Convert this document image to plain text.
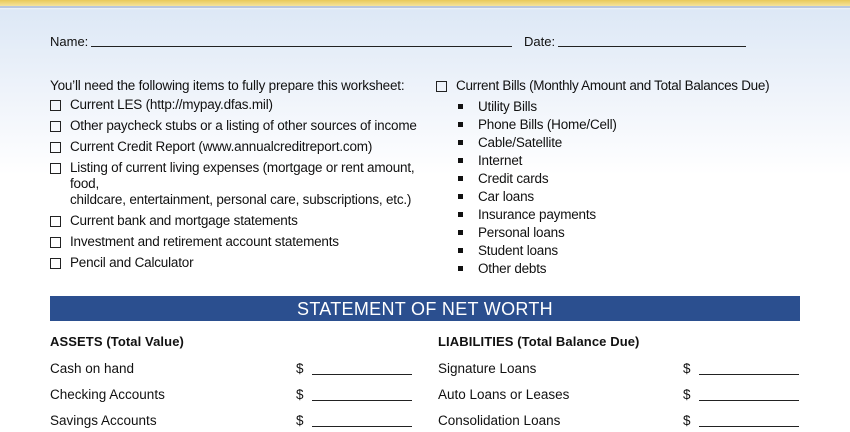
Name:	Date:
You’ll need the following items to fully prepare this worksheet:
Current LES (http://mypay.dfas.mil)
Other paycheck stubs or a listing of other sources of income
Current Credit Report (www.annualcreditreport.com)
Listing of current living expenses (mortgage or rent amount, food,
childcare, entertainment, personal care, subscriptions, etc.)
Current bank and mortgage statements
Investment and retirement account statements
Pencil and Calculator
Current Bills (Monthly Amount and Total Balances Due)
Utility Bills
Phone Bills (Home/Cell)
Cable/Satellite
Internet
Credit cards
Car loans
Insurance payments
Personal loans
Student loans
Other debts
STATEMENT OF NET WORTH
ASSETS (Total Value)
Cash on hand	$
Checking Accounts	$
Savings Accounts	$
LIABILITIES (Total Balance Due)
Signature Loans	$
Auto Loans or Leases	$
Consolidation Loans	$
